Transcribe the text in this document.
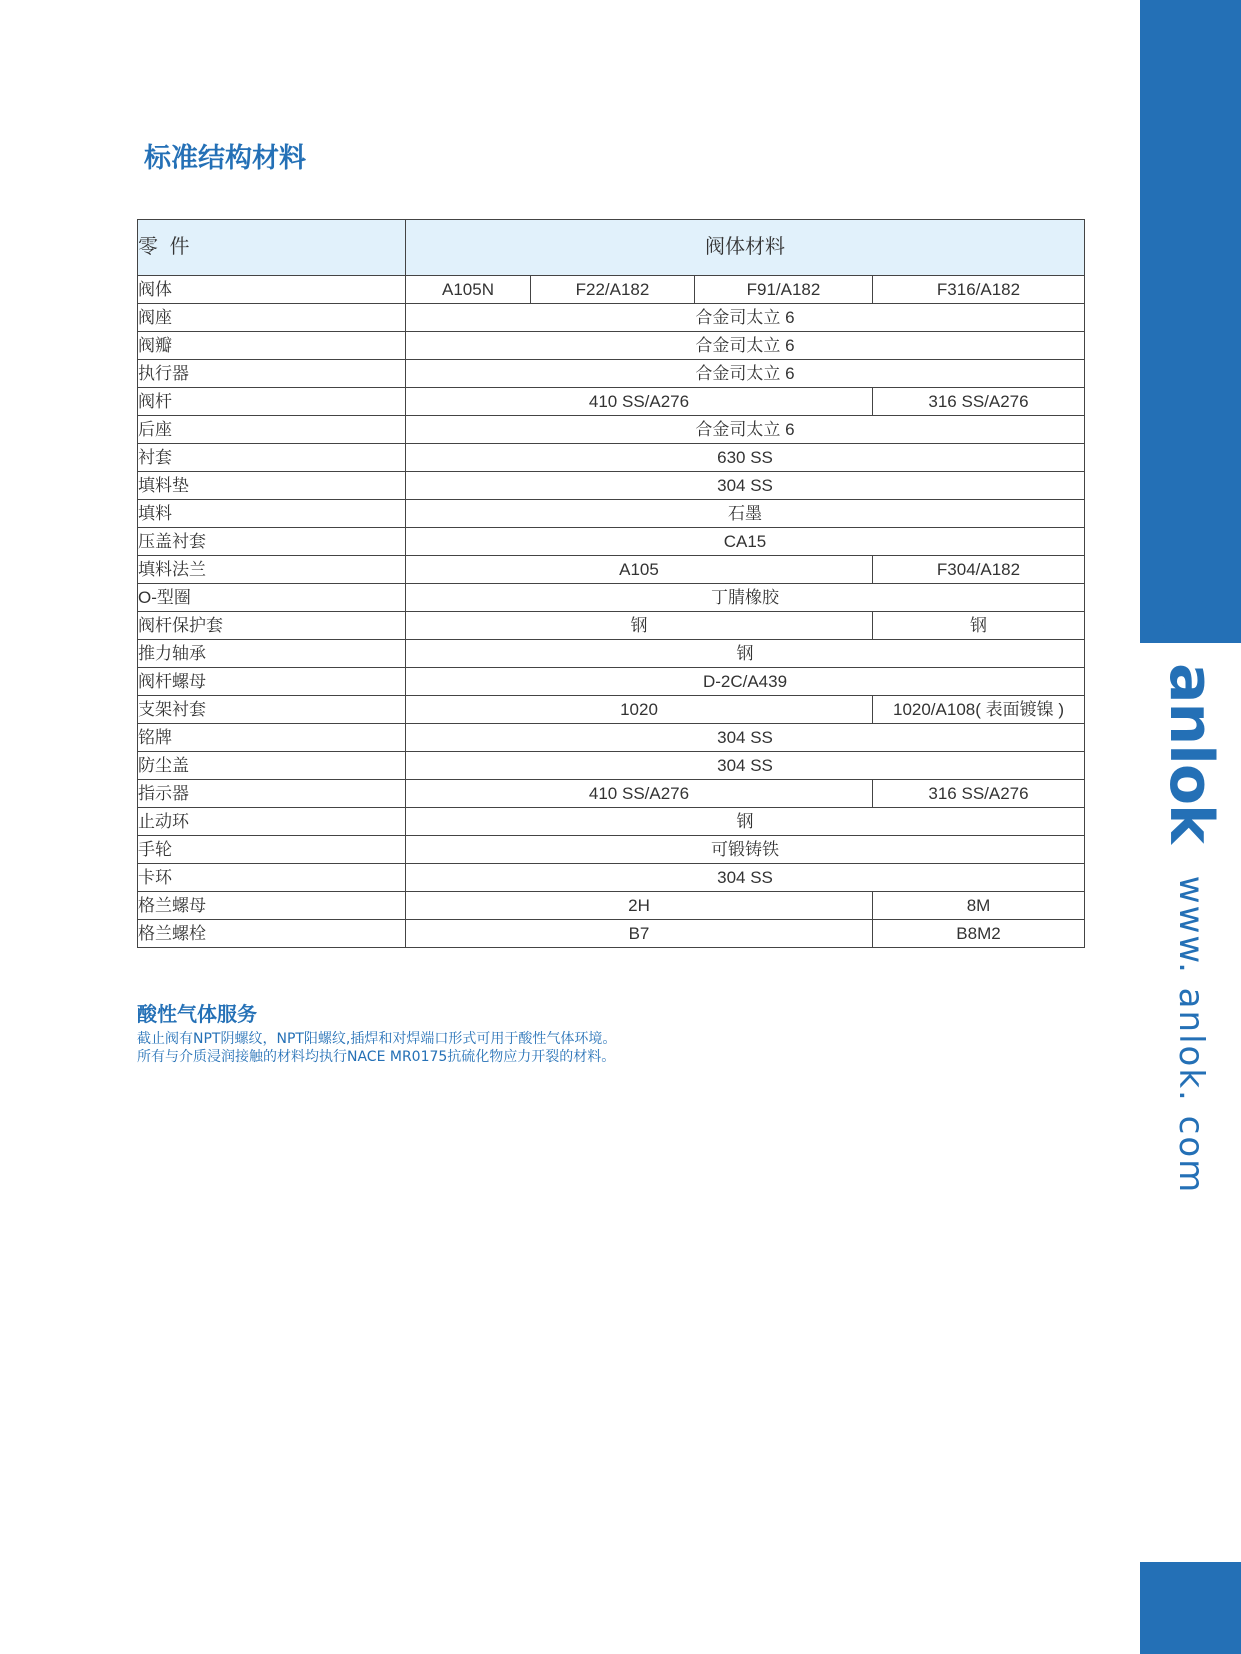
04
anlok
www. anlok. com
标准结构材料
零 件	阀体材料			
阀体	A105N	F22/A182	F91/A182	F316/A182
阀座	合金司太立 6			
阀瓣	合金司太立 6			
执行器	合金司太立 6			
阀杆	410 SS/A276			316 SS/A276
后座	合金司太立 6			
衬套	630 SS			
填料垫	304 SS			
填料	石墨			
压盖衬套	CA15			
填料法兰	A105			F304/A182
O-型圈	丁腈橡胶			
阀杆保护套	钢			钢
推力轴承	钢			
阀杆螺母	D-2C/A439			
支架衬套	1020			1020/A108( 表面镀镍 )
铭牌	304 SS			
防尘盖	304 SS			
指示器	410 SS/A276			316 SS/A276
止动环	钢			
手轮	可锻铸铁			
卡环	304 SS			
格兰螺母	2H			8M
格兰螺栓	B7			B8M2
酸性气体服务
截止阀有NPT阴螺纹，NPT阳螺纹,插焊和对焊端口形式可用于酸性气体环境。
所有与介质浸润接触的材料均执行NACE MR0175抗硫化物应力开裂的材料。
